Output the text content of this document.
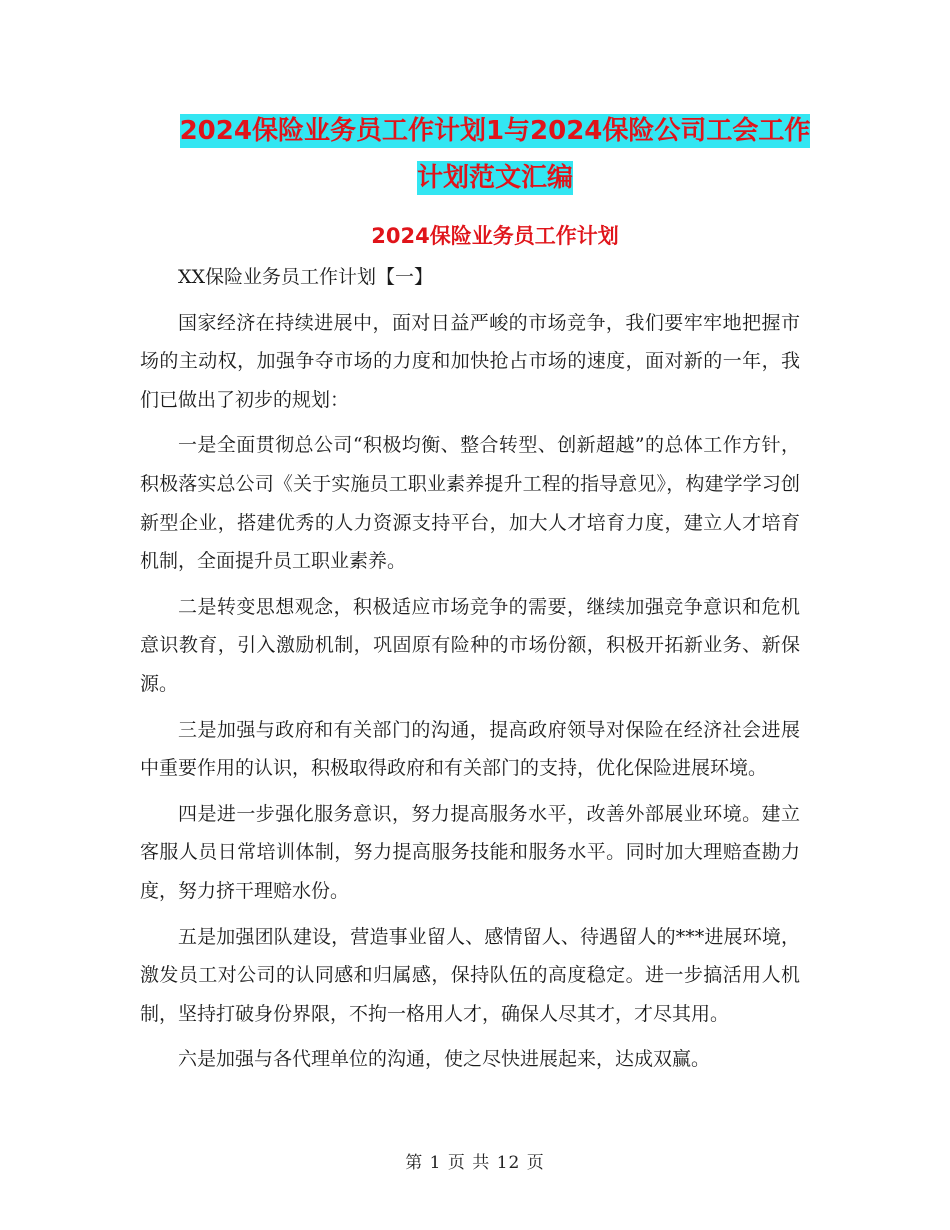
2024保险业务员工作计划1与2024保险公司工会工作
计划范文汇编
2024保险业务员工作计划

XX保险业务员工作计划【一】

国家经济在持续进展中，面对日益严峻的市场竞争，我们要牢牢地把握市场的主动权，加强争夺市场的力度和加快抢占市场的速度，面对新的一年，我们已做出了初步的规划：

一是全面贯彻总公司“积极均衡、整合转型、创新超越”的总体工作方针，积极落实总公司《关于实施员工职业素养提升工程的指导意见》，构建学学习创新型企业，搭建优秀的人力资源支持平台，加大人才培育力度，建立人才培育机制，全面提升员工职业素养。

二是转变思想观念，积极适应市场竞争的需要，继续加强竞争意识和危机意识教育，引入激励机制，巩固原有险种的市场份额，积极开拓新业务、新保源。

三是加强与政府和有关部门的沟通，提高政府领导对保险在经济社会进展中重要作用的认识，积极取得政府和有关部门的支持，优化保险进展环境。

四是进一步强化服务意识，努力提高服务水平，改善外部展业环境。建立客服人员日常培训体制，努力提高服务技能和服务水平。同时加大理赔查勘力度，努力挤干理赔水份。

五是加强团队建设，营造事业留人、感情留人、待遇留人的***进展环境，激发员工对公司的认同感和归属感，保持队伍的高度稳定。进一步搞活用人机制，坚持打破身份界限，不拘一格用人才，确保人尽其才，才尽其用。

六是加强与各代理单位的沟通，使之尽快进展起来，达成双赢。

第 1 页 共 12 页
